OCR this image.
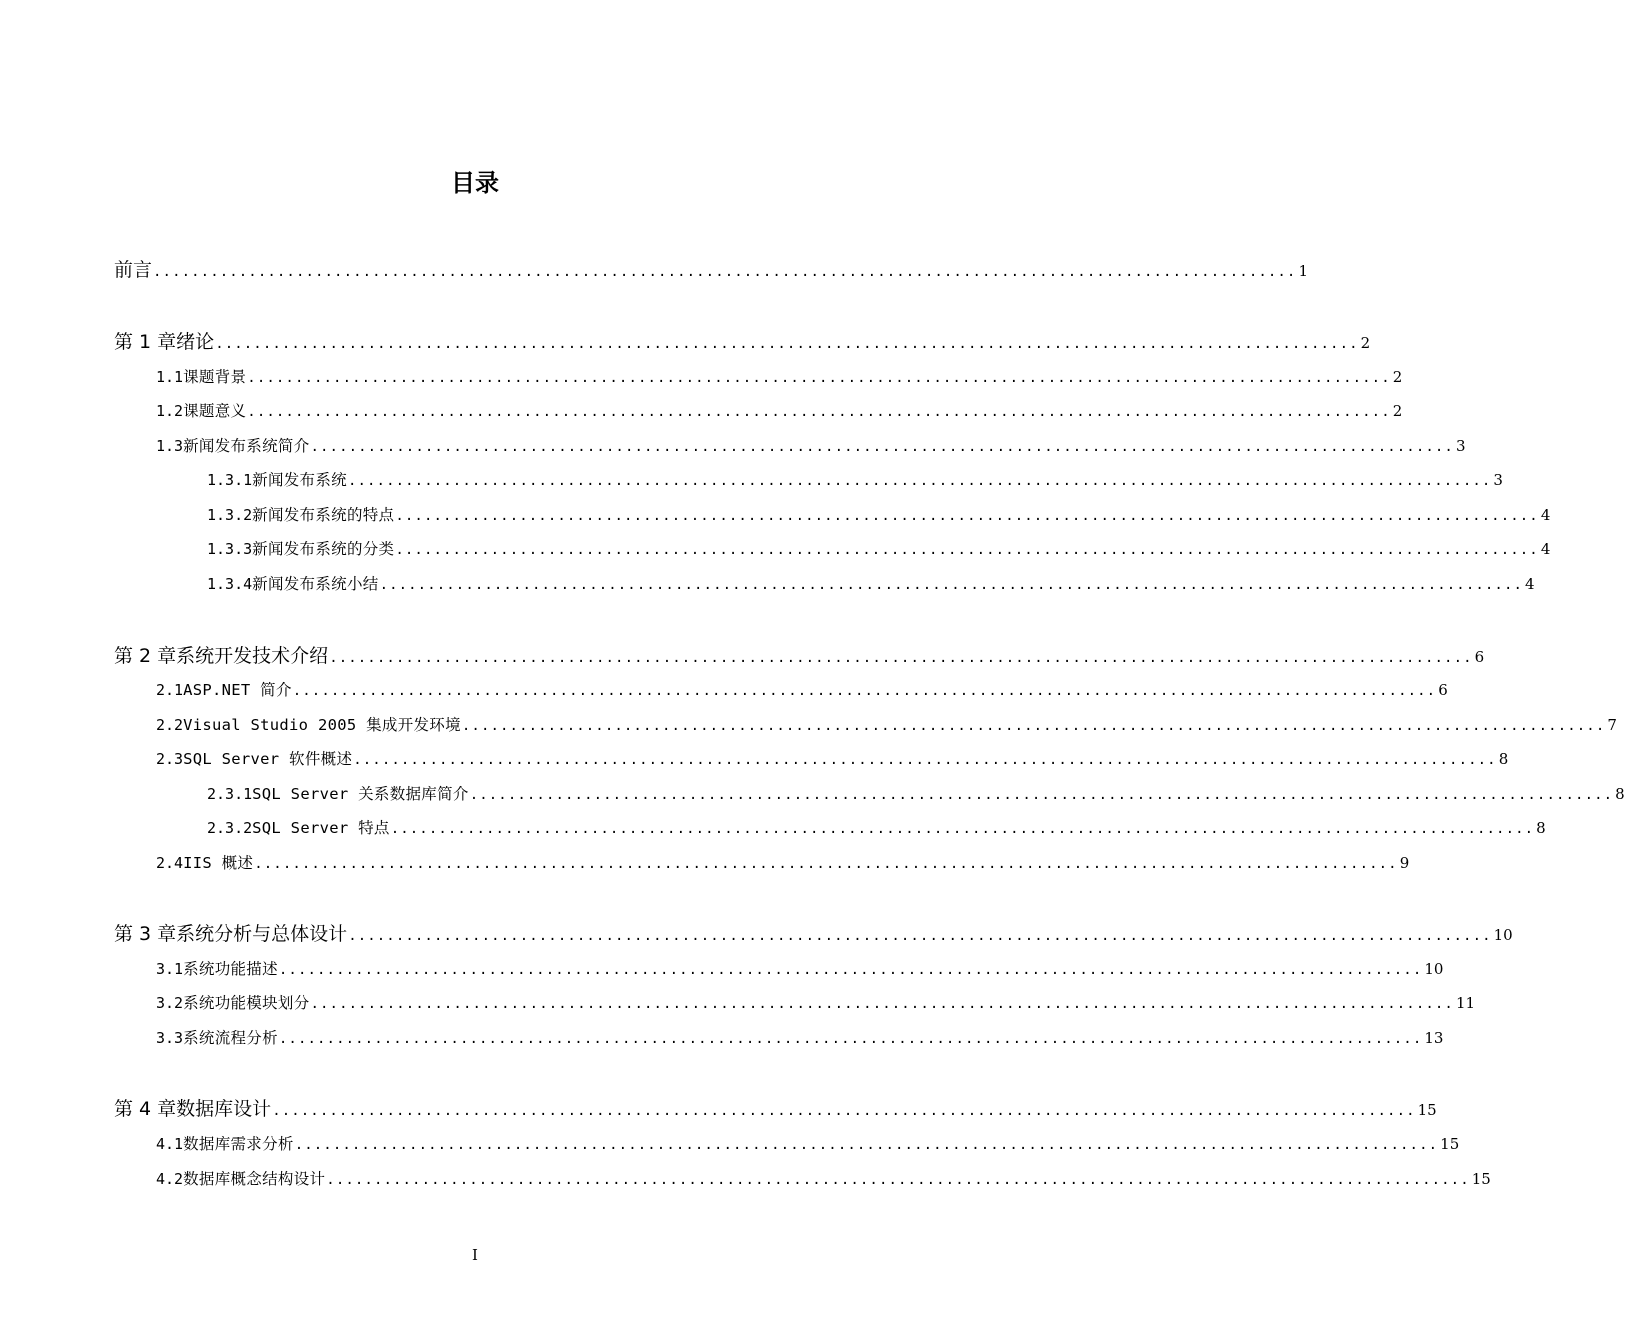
目录
前言 ........................................................................................................................ 1
第 1 章 绪论 ........................................................................................................................ 2
1.1 课题背景 ........................................................................................................................ 2
1.2 课题意义 ........................................................................................................................ 2
1.3 新闻发布系统简介 ........................................................................................................................ 3
1.3.1 新闻发布系统 ........................................................................................................................ 3
1.3.2 新闻发布系统的特点 ........................................................................................................................ 4
1.3.3 新闻发布系统的分类 ........................................................................................................................ 4
1.3.4 新闻发布系统小结 ........................................................................................................................ 4
第 2 章 系统开发技术介绍 ........................................................................................................................ 6
2.1 ASP.NET 简介 ........................................................................................................................ 6
2.2 Visual Studio 2005 集成开发环境 ........................................................................................................................ 7
2.3 SQL Server 软件概述 ........................................................................................................................ 8
2.3.1 SQL Server 关系数据库简介 ........................................................................................................................ 8
2.3.2 SQL Server 特点 ........................................................................................................................ 8
2.4 IIS 概述 ........................................................................................................................ 9
第 3 章 系统分析与总体设计 ........................................................................................................................ 10
3.1 系统功能描述 ........................................................................................................................ 10
3.2 系统功能模块划分 ........................................................................................................................ 11
3.3 系统流程分析 ........................................................................................................................ 13
第 4 章 数据库设计 ........................................................................................................................ 15
4.1 数据库需求分析 ........................................................................................................................ 15
4.2 数据库概念结构设计 ........................................................................................................................ 15
I
